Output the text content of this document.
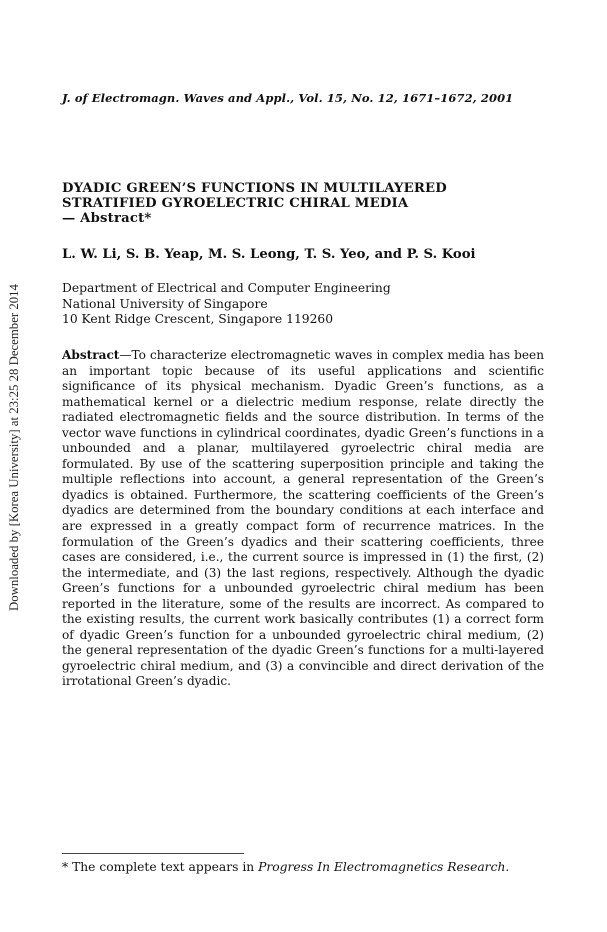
J. of Electromagn. Waves and Appl., Vol. 15, No. 12, 1671–1672, 2001
DYADIC GREEN’S FUNCTIONS IN MULTILAYERED
STRATIFIED GYROELECTRIC CHIRAL MEDIA
— Abstract*
L. W. Li, S. B. Yeap, M. S. Leong, T. S. Yeo, and P. S. Kooi
Department of Electrical and Computer Engineering
National University of Singapore
10 Kent Ridge Crescent, Singapore 119260
Abstract—To characterize electromagnetic waves in complex media has been an important topic because of its useful applications and scientific significance of its physical mechanism. Dyadic Green’s functions, as a mathematical kernel or a dielectric medium response, relate directly the radiated electromagnetic fields and the source distribution. In terms of the vector wave functions in cylindrical coordinates, dyadic Green’s functions in a unbounded and a planar, multilayered gyroelectric chiral media are formulated. By use of the scattering superposition principle and taking the multiple reflections into account, a general representation of the Green’s dyadics is obtained. Furthermore, the scattering coefficients of the Green’s dyadics are determined from the boundary conditions at each interface and are expressed in a greatly compact form of recurrence matrices. In the formulation of the Green’s dyadics and their scattering coefficients, three cases are considered, i.e., the current source is impressed in (1) the first, (2) the intermediate, and (3) the last regions, respectively. Although the dyadic Green’s functions for a unbounded gyroelectric chiral medium has been reported in the literature, some of the results are incorrect. As compared to the existing results, the current work basically contributes (1) a correct form of dyadic Green’s function for a unbounded gyroelectric chiral medium, (2) the general representation of the dyadic Green’s functions for a multi-layered gyroelectric chiral medium, and (3) a convincible and direct derivation of the irrotational Green’s dyadic.
* The complete text appears in Progress In Electromagnetics Research.
Downloaded by [Korea University] at 23:25 28 December 2014
